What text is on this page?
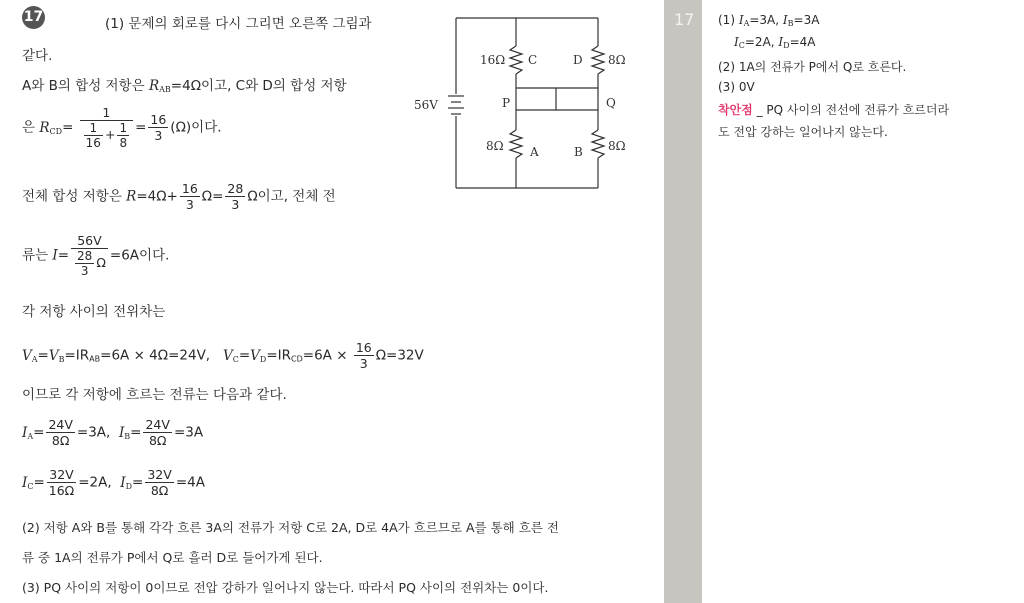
17	(1) 문제의 회로를 다시 그리면 오른쪽 그림과
같다.
A와 B의 합성 저항은 $R_{AB}=4\Omega$이고, C와 D의 합성 저항
은 $R_{CD}= \frac{1}{\frac{1}{16} + \frac{1}{8}} = \frac{16}{3} (\Omega)$이다.
전체 합성 저항은 $R=4\Omega+ \frac{16}{3} \Omega= \frac{28}{3}$ Ω이고, 전체 전
류는 $I= \frac{56V}{\frac{28}{3} \Omega} =6A$이다.
각 저항 사이의 전위차는
$V_A=V_B=IR_{AB}=6A \times 4\Omega=24V$, $V_C=V_D=IR_{CD}=6A \times \frac{16}{3} \Omega=32V$
이므로 각 저항에 흐르는 전류는 다음과 같다.
$I_A= \frac{24V}{8\Omega} =3A$, $I_B= \frac{24V}{8\Omega} =3A$
$I_C= \frac{32V}{16\Omega} =2A$, $I_D= \frac{32V}{8\Omega} =4A$
(2) 저항 A와 B를 통해 각각 흐른 3A의 전류가 저항 C로 2A, D로 4A가 흐르므로 A를 통해 흐른 전
류 중 1A의 전류가 P에서 Q로 흘러 D로 들어가게 된다.
(3) PQ 사이의 저항이 0이므로 전압 강하가 일어나지 않는다. 따라서 PQ 사이의 전위차는 0이다.
56V
16Ω C	D 8Ω
8Ω A	B 8Ω
P	Q
17 (1) $I_A=3A$, $I_B=3A$
$I_C=2A$, $I_D=4A$
(2) 1A의 전류가 P에서 Q로 흐른다.
(3) 0V
착안점 _ PQ 사이의 전선에 전류가 흐르더라
도 전압 강하는 일어나지 않는다.
